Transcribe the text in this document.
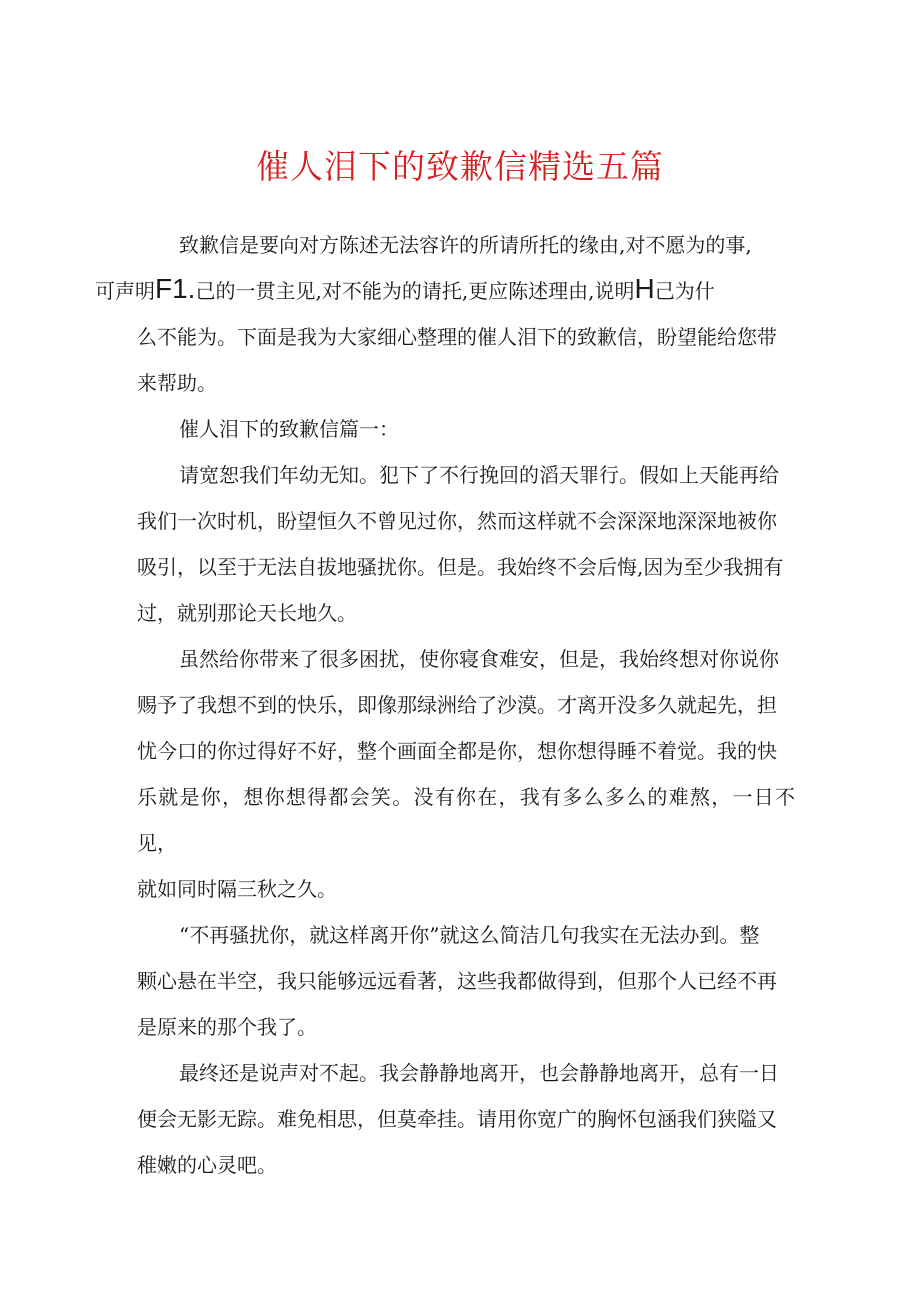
催人泪下的致歉信精选五篇

致歉信是要向对方陈述无法容许的所请所托的缘由,对不愿为的事,
可声明F1.己的一贯主见,对不能为的请托,更应陈述理由,说明H己为什
么不能为。下面是我为大家细心整理的催人泪下的致歉信，盼望能给您带
来帮助。

催人泪下的致歉信篇一：

请宽恕我们年幼无知。犯下了不行挽回的滔天罪行。假如上天能再给
我们一次时机，盼望恒久不曾见过你，然而这样就不会深深地深深地被你
吸引，以至于无法自拔地骚扰你。但是。我始终不会后悔,因为至少我拥有
过，就别那论天长地久。

虽然给你带来了很多困扰，使你寝食难安，但是，我始终想对你说你
赐予了我想不到的快乐，即像那绿洲给了沙漠。才离开没多久就起先，担
忧今口的你过得好不好，整个画面全都是你，想你想得睡不着觉。我的快
乐就是你，想你想得都会笑。没有你在，我有多么多么的难熬，一日不见，
就如同时隔三秋之久。

“不再骚扰你，就这样离开你”就这么简洁几句我实在无法办到。整
颗心悬在半空，我只能够远远看著，这些我都做得到，但那个人已经不再
是原来的那个我了。

最终还是说声对不起。我会静静地离开，也会静静地离开，总有一日
便会无影无踪。难免相思，但莫牵挂。请用你宽广的胸怀包涵我们狭隘又
稚嫩的心灵吧。
